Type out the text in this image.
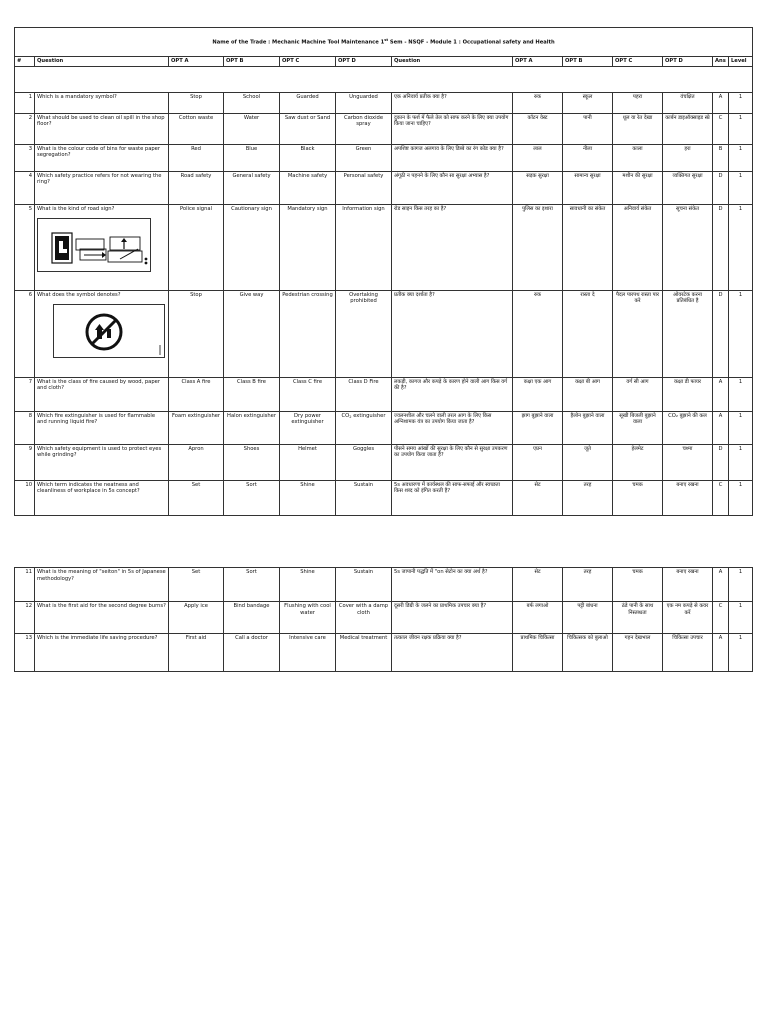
Name of the Trade : Mechanic Machine Tool Maintenance 1st Sem - NSQF - Module 1 : Occupational safety and Health												
#	Question	OPT A	OPT B	OPT C	OPT D	Question	OPT A	OPT B	OPT C	OPT D	Ans	Level

1	Which is a mandatory symbol?	Stop	School	Guarded	Unguarded	एक अनिवार्य प्रतीक क्या है?	रुक	स्कूल	पहरा	वंचक्षित	A	1
2	What should be used to clean oil spill in the shop floor?	Cotton waste	Water	Saw dust or Sand	Carbon dioxide spray	दुकान के फर्श में फैले तेल को साफ करने के लिए क्या उपयोग किया जाना चाहिए?	कॉटन वेस्ट	पानी	धूल या रेत देखा	कार्बन डाइऑक्साइड स्प्रे	C	1
3	What is the colour code of bins for waste paper segregation?	Red	Blue	Black	Green	अपशिष्ट कागज अलगाव के लिए डिब्बे का रंग कोड क्या है?	लाल	नीला	काला	हरा	B	1
4	Which safety practice refers for not wearing the ring?	Road safety	General safety	Machine safety	Personal safety	अंगूठी न पहनने के लिए कौन सा सुरक्षा अभ्यास है?	सड़क सुरक्षा	सामान्य सुरक्षा	मशीन की सुरक्षा	व्यक्तिगत सुरक्षा	D	1
5	What is the kind of road sign?	Police signal	Cautionary sign	Mandatory sign	Information sign	रोड साइन किस तरह का है?	पुलिस का इशारा	सावधानी का संकेत	अनिवार्य संकेत	सूचना संकेत	D	1
6	What does the symbol denotes?	Stop	Give way	Pedestrian crossing	Overtaking prohibited	प्रतीक क्या दर्शाता है?	रुक	रास्ता दे	पैदल पारपथ रास्ता पार करे	ओवरटेक करना प्रतिबंधित है	D	1
7	What is the class of fire caused by wood, paper and cloth?	Class A fire	Class B fire	Class C fire	Class D Fire	लकड़ी, कागज और कपड़े के कारण होने वाली आग किस वर्ग की है?	कक्षा एक आग	कक्षा बी आग	वर्ग सी आग	कक्षा डी फायर	A	1
8	Which fire extinguisher is used for flammable and running liquid fire?	Foam extinguisher	Halon extinguisher	Dry power extinguisher	CO2 extinguisher	ज्वलनशील और चलने वाली तरल आग के लिए किस अग्निशामक यंत्र का उपयोग किया जाता है?	झाग बुझाने वाला	हैलोन बुझाने वाला	सूखी बिजली बुझाने वाला	CO₂ बुझाने की कल	A	1
9	Which safety equipment is used to protect eyes while grinding?	Apron	Shoes	Helmet	Goggles	पीसने समय आंखों की सुरक्षा के लिए कौन से सुरक्षा उपकरण का उपयोग किया जाता है?	एप्रन	जूते	हेलमेट	चश्मा	D	1
10	Which term indicates the neatness and cleanliness of workplace in 5s concept?	Set	Sort	Shine	Sustain	5s अवधारणा में कार्यस्थल की साफ-सफाई और स्वच्छता किस शब्द को इंगित करती है?	सेट	तरह	चमक	बनाए रखना	C	1
11	What is the meaning of "seiton" in 5s of Japanese methodology?	Set	Sort	Shine	Sustain	5s जापानी पद्धति में "on सेटोन का क्या अर्थ है?	सेट	तरह	चमक	बनाए रखना	A	1
12	What is the first aid for the second degree burns?	Apply ice	Bind bandage	Flushing with cool water	Cover with a damp cloth	दूसरी डिग्री के जलने का प्राथमिक उपचार क्या है?	बर्फ लगाओ	पट्टी बांधना	ठंडे पानी के साथ निस्तब्धता	एक नम कपड़े से कवर करें	C	1
13	Which is the immediate life saving procedure?	First aid	Call a doctor	Intensive care	Medical treatment	तत्काल जीवन रक्षक प्रक्रिया क्या है?	प्राथमिक चिकित्सा	चिकित्सक को बुलाओ	गहन देखभाल	चिकित्सा उपचार	A	1
